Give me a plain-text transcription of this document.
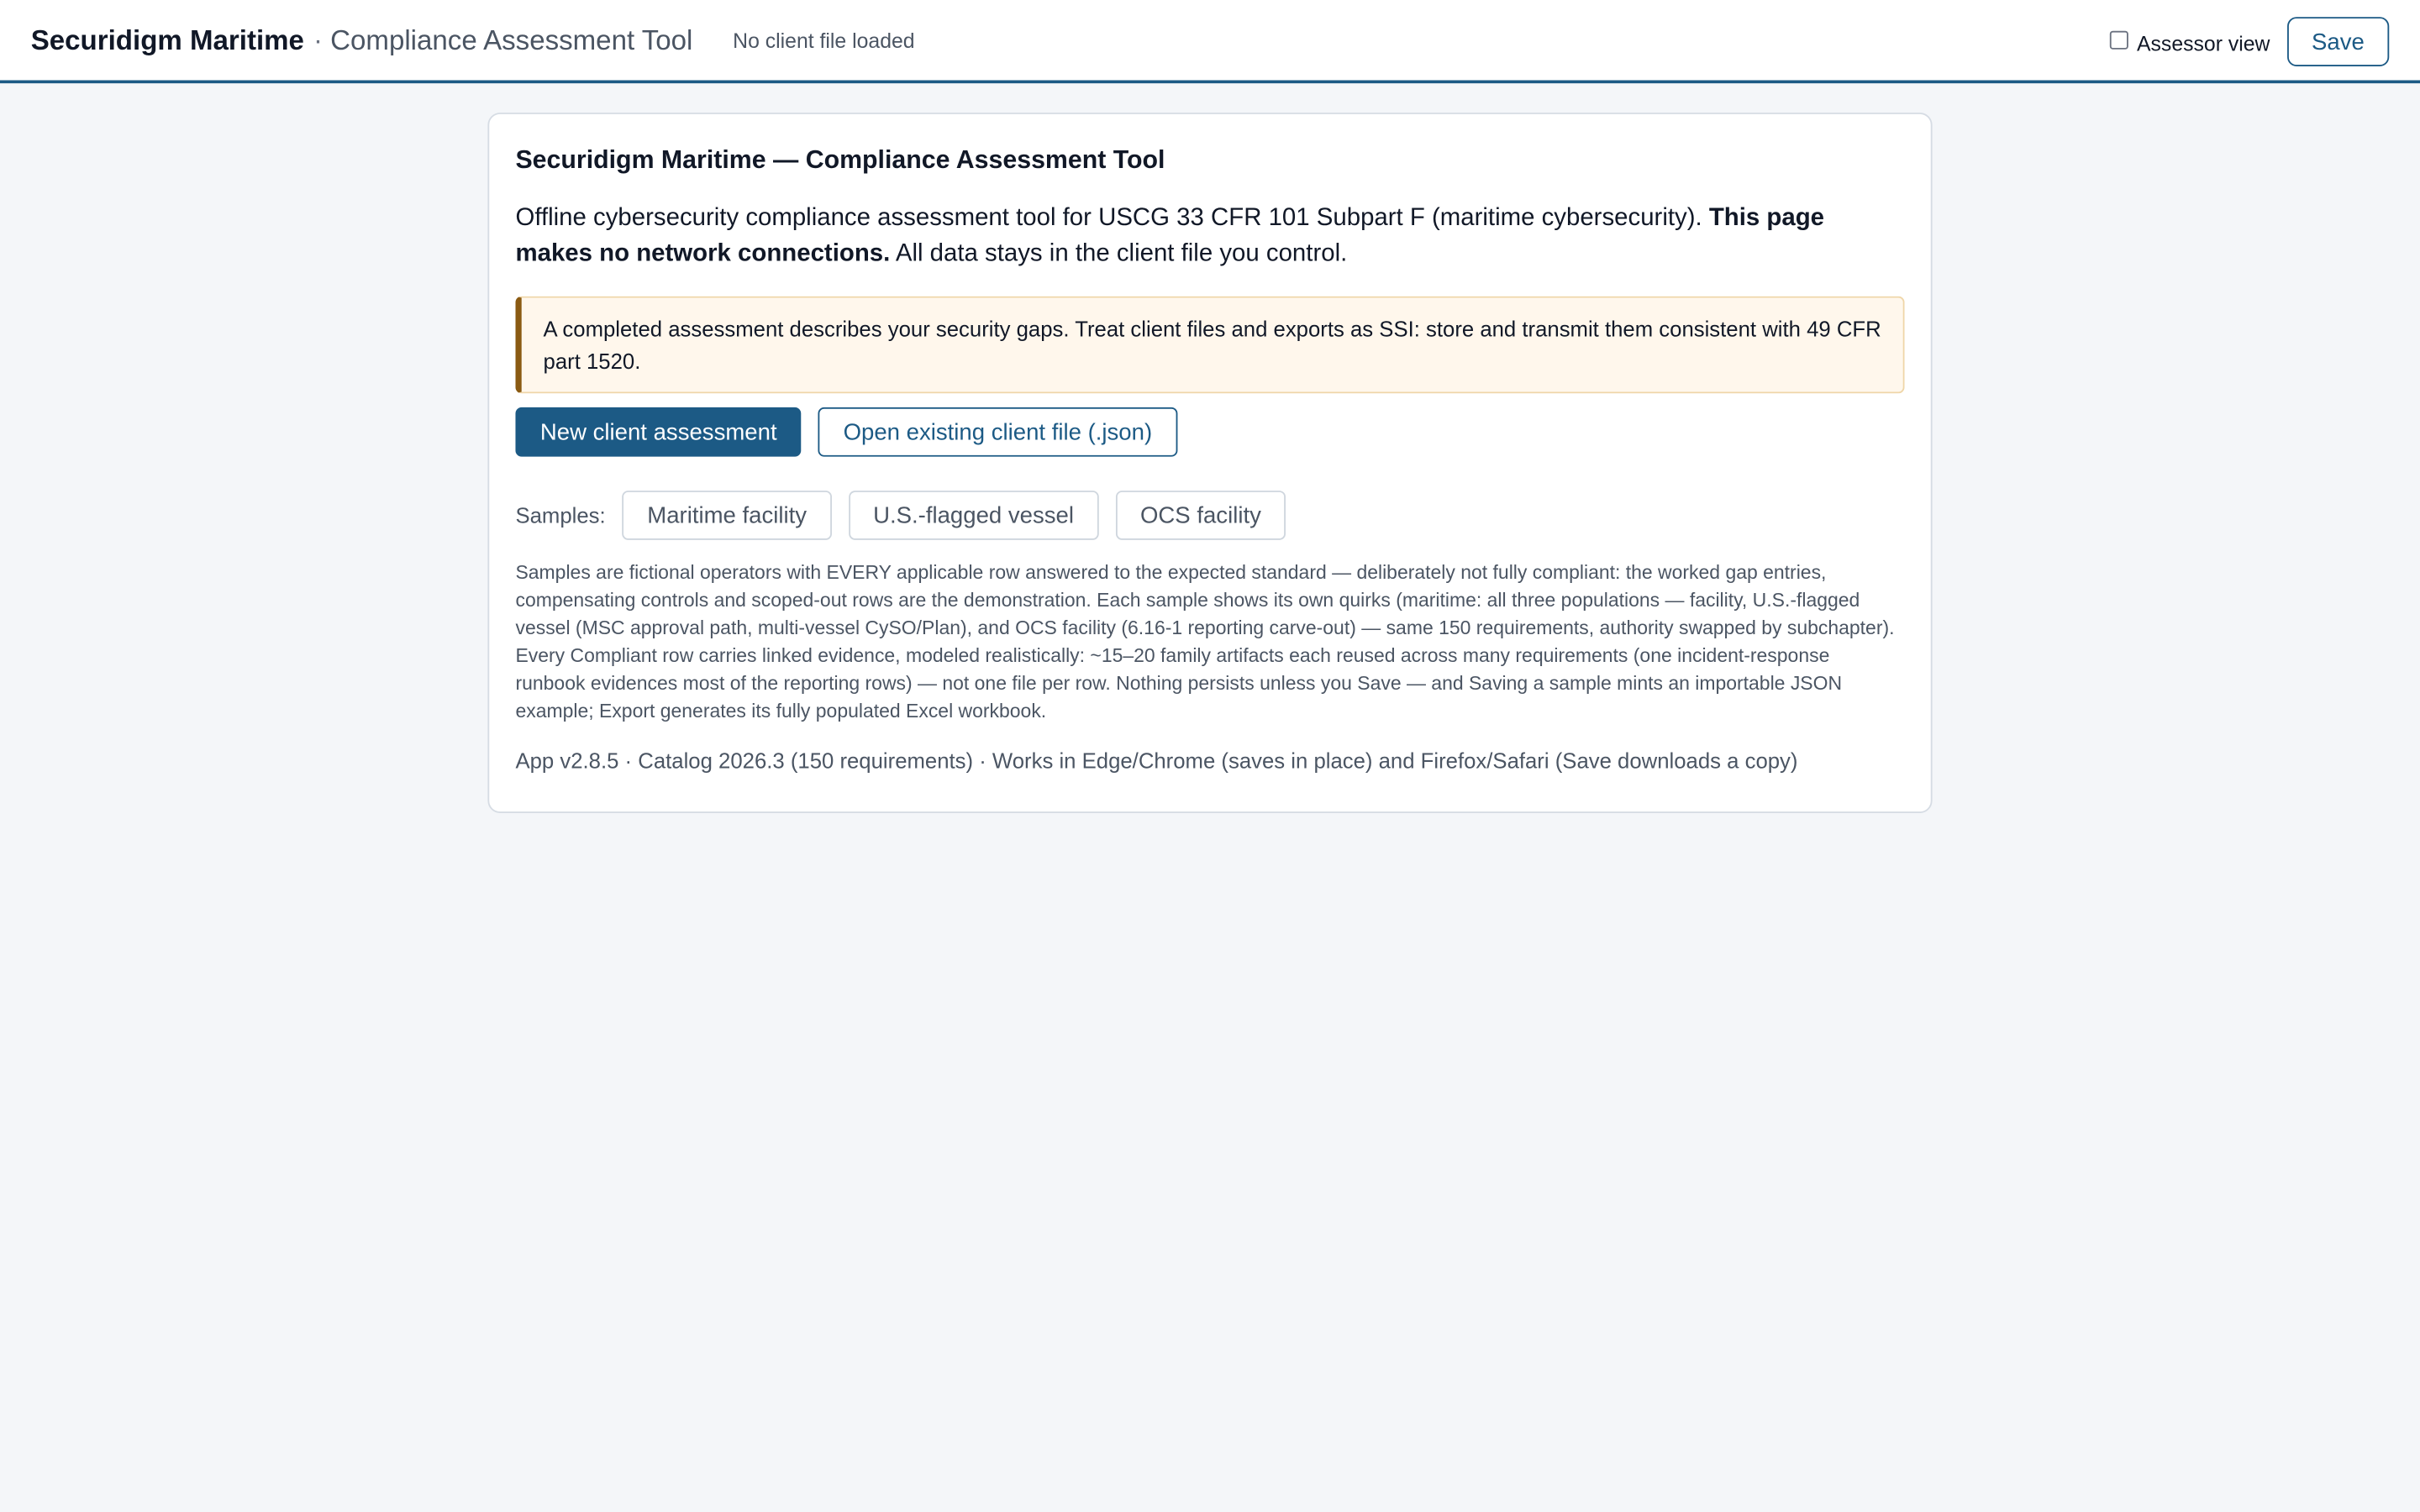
Securidigm Maritime · Compliance Assessment Tool	No client file loaded	Assessor view	Save
Securidigm Maritime — Compliance Assessment Tool
Offline cybersecurity compliance assessment tool for USCG 33 CFR 101 Subpart F (maritime cybersecurity). This page makes no network connections. All data stays in the client file you control.
A completed assessment describes your security gaps. Treat client files and exports as SSI: store and transmit them consistent with 49 CFR part 1520.
New client assessment	Open existing client file (.json)
Samples:	Maritime facility	U.S.-flagged vessel	OCS facility
Samples are fictional operators with EVERY applicable row answered to the expected standard — deliberately not fully compliant: the worked gap entries, compensating controls and scoped-out rows are the demonstration. Each sample shows its own quirks (maritime: all three populations — facility, U.S.-flagged vessel (MSC approval path, multi-vessel CySO/Plan), and OCS facility (6.16-1 reporting carve-out) — same 150 requirements, authority swapped by subchapter). Every Compliant row carries linked evidence, modeled realistically: ~15–20 family artifacts each reused across many requirements (one incident-response runbook evidences most of the reporting rows) — not one file per row. Nothing persists unless you Save — and Saving a sample mints an importable JSON example; Export generates its fully populated Excel workbook.
App v2.8.5 · Catalog 2026.3 (150 requirements) · Works in Edge/Chrome (saves in place) and Firefox/Safari (Save downloads a copy)
